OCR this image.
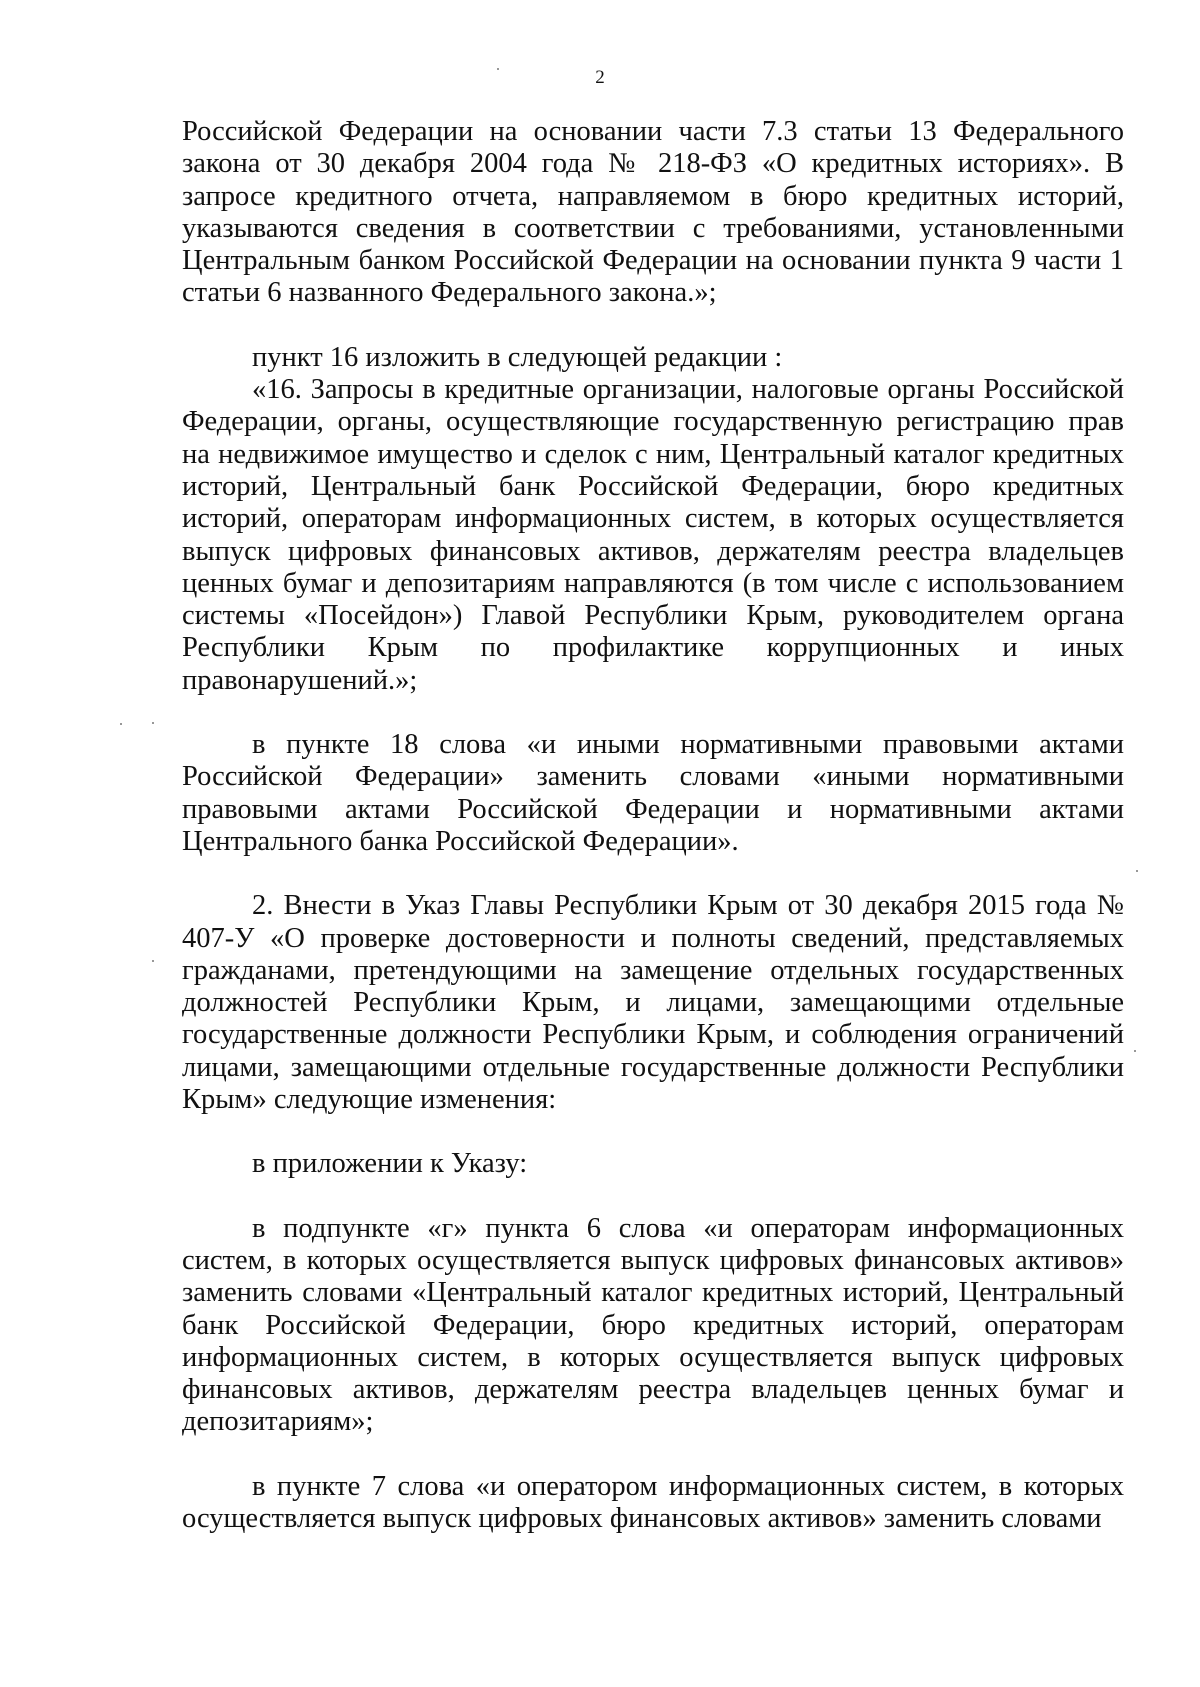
2

Российской Федерации на основании части 7.3 статьи 13 Федерального закона от 30 декабря 2004 года № 218-ФЗ «О кредитных историях». В запросе кредитного отчета, направляемом в бюро кредитных историй, указываются сведения в соответствии с требованиями, установленными Центральным банком Российской Федерации на основании пункта 9 части 1 статьи 6 названного Федерального закона.»;

пункт 16 изложить в следующей редакции :

«16. Запросы в кредитные организации, налоговые органы Российской Федерации, органы, осуществляющие государственную регистрацию прав на недвижимое имущество и сделок с ним, Центральный каталог кредитных историй, Центральный банк Российской Федерации, бюро кредитных историй, операторам информационных систем, в которых осуществляется выпуск цифровых финансовых активов, держателям реестра владельцев ценных бумаг и депозитариям направляются (в том числе с использованием системы «Посейдон») Главой Республики Крым, руководителем органа Республики Крым по профилактике коррупционных и иных правонарушений.»;

в пункте 18 слова «и иными нормативными правовыми актами Российской Федерации» заменить словами «иными нормативными правовыми актами Российской Федерации и нормативными актами Центрального банка Российской Федерации».

2. Внести в Указ Главы Республики Крым от 30 декабря 2015 года № 407-У «О проверке достоверности и полноты сведений, представляемых гражданами, претендующими на замещение отдельных государственных должностей Республики Крым, и лицами, замещающими отдельные государственные должности Республики Крым, и соблюдения ограничений лицами, замещающими отдельные государственные должности Республики Крым» следующие изменения:

в приложении к Указу:

в подпункте «г» пункта 6 слова «и операторам информационных систем, в которых осуществляется выпуск цифровых финансовых активов» заменить словами «Центральный каталог кредитных историй, Центральный банк Российской Федерации, бюро кредитных историй, операторам информационных систем, в которых осуществляется выпуск цифровых финансовых активов, держателям реестра владельцев ценных бумаг и депозитариям»;

в пункте 7 слова «и оператором информационных систем, в которых осуществляется выпуск цифровых финансовых активов» заменить словами
